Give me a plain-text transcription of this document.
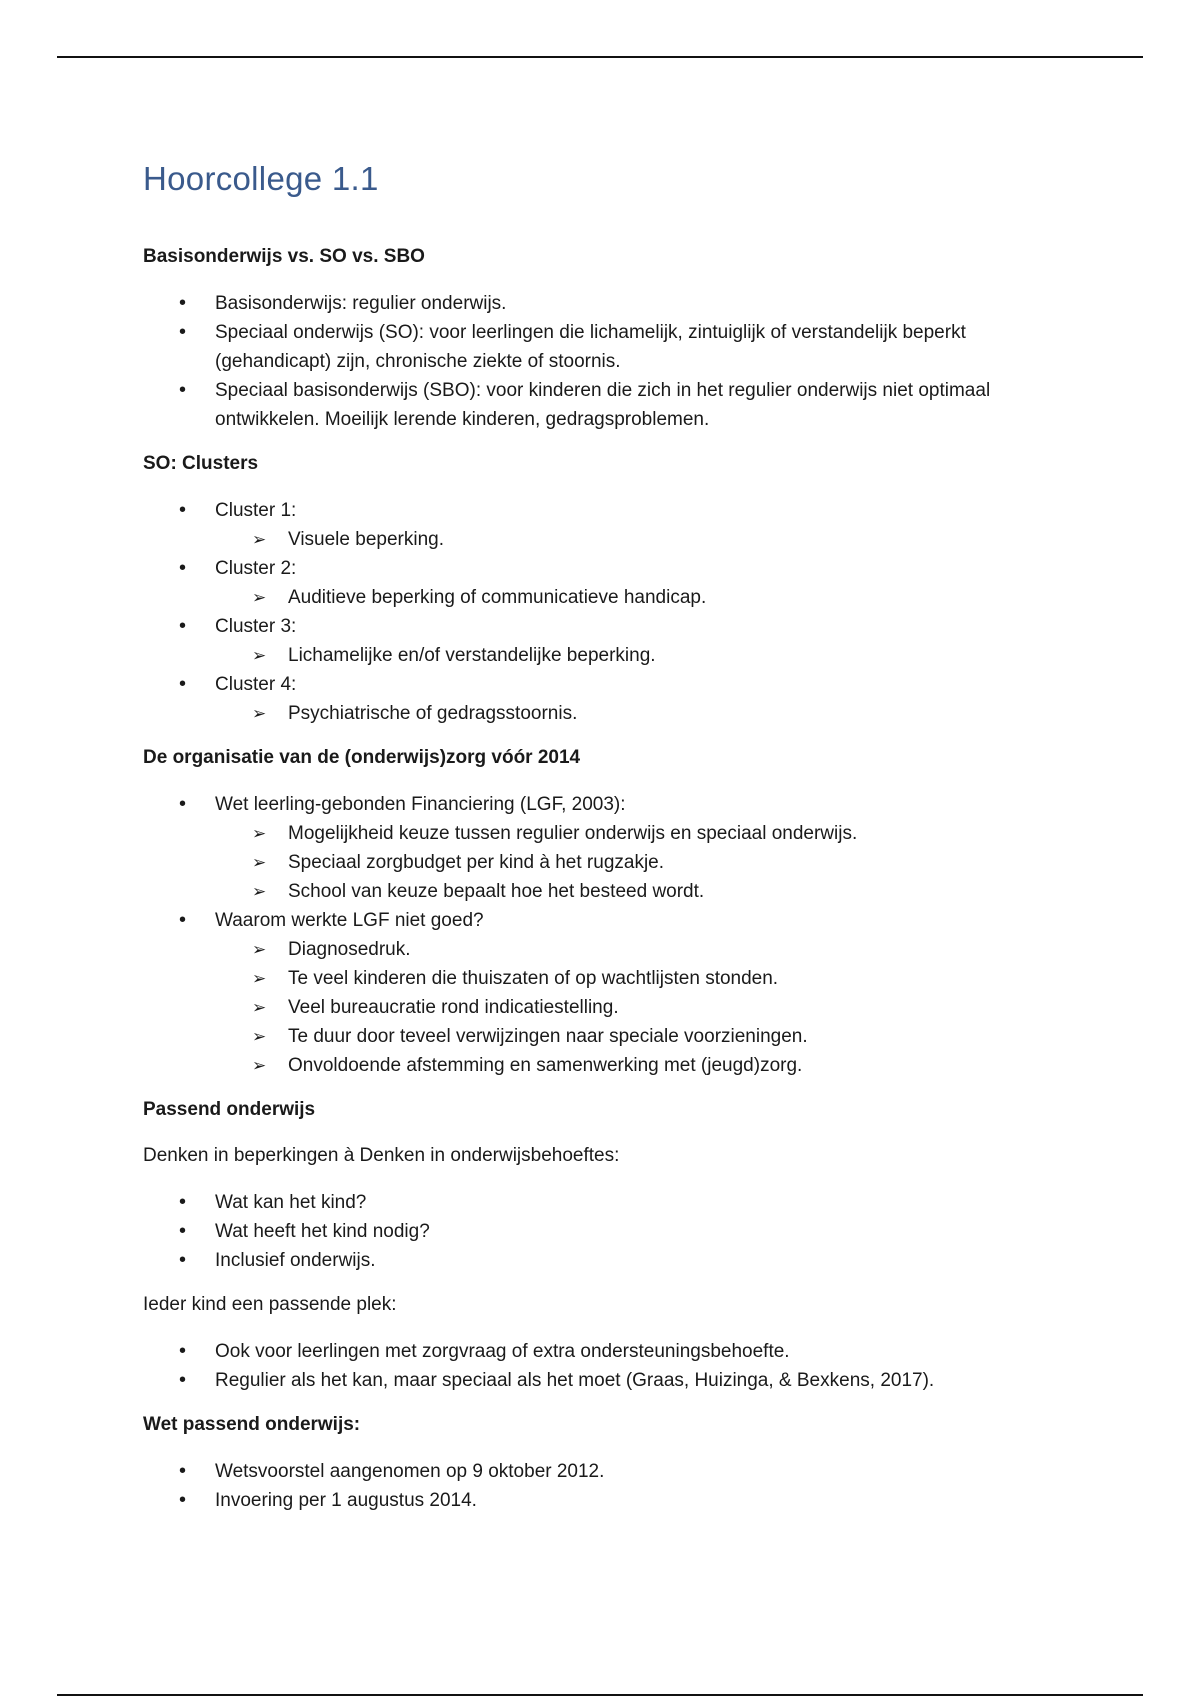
Hoorcollege 1.1
Basisonderwijs vs. SO vs. SBO
• Basisonderwijs: regulier onderwijs.
• Speciaal onderwijs (SO): voor leerlingen die lichamelijk, zintuiglijk of verstandelijk beperkt (gehandicapt) zijn, chronische ziekte of stoornis.
• Speciaal basisonderwijs (SBO): voor kinderen die zich in het regulier onderwijs niet optimaal ontwikkelen. Moeilijk lerende kinderen, gedragsproblemen.
SO: Clusters
• Cluster 1:
➢ Visuele beperking.
• Cluster 2:
➢ Auditieve beperking of communicatieve handicap.
• Cluster 3:
➢ Lichamelijke en/of verstandelijke beperking.
• Cluster 4:
➢ Psychiatrische of gedragsstoornis.
De organisatie van de (onderwijs)zorg vóór 2014
• Wet leerling-gebonden Financiering (LGF, 2003):
➢ Mogelijkheid keuze tussen regulier onderwijs en speciaal onderwijs.
➢ Speciaal zorgbudget per kind à het rugzakje.
➢ School van keuze bepaalt hoe het besteed wordt.
• Waarom werkte LGF niet goed?
➢ Diagnosedruk.
➢ Te veel kinderen die thuiszaten of op wachtlijsten stonden.
➢ Veel bureaucratie rond indicatiestelling.
➢ Te duur door teveel verwijzingen naar speciale voorzieningen.
➢ Onvoldoende afstemming en samenwerking met (jeugd)zorg.
Passend onderwijs

Denken in beperkingen à Denken in onderwijsbehoeftes:

• Wat kan het kind?
• Wat heeft het kind nodig?
• Inclusief onderwijs.

Ieder kind een passende plek:

• Ook voor leerlingen met zorgvraag of extra ondersteuningsbehoefte.
• Regulier als het kan, maar speciaal als het moet (Graas, Huizinga, & Bexkens, 2017).
Wet passend onderwijs:
• Wetsvoorstel aangenomen op 9 oktober 2012.
• Invoering per 1 augustus 2014.
